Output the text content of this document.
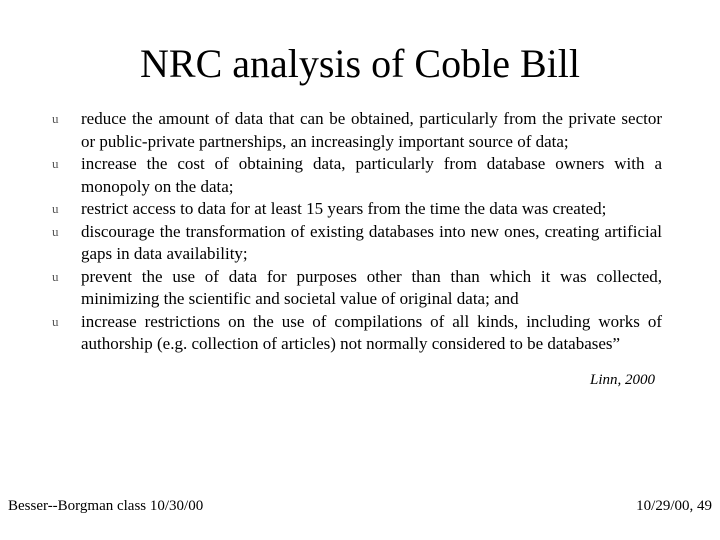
NRC analysis of Coble Bill
u	reduce the amount of data that can be obtained, particularly from the private sector or public-private partnerships, an increasingly important source of data;
u	increase the cost of obtaining data, particularly from database owners with a monopoly on the data;
u	restrict access to data for at least 15 years from the time the data was created;
u	discourage the transformation of existing databases into new ones, creating artificial gaps in data availability;
u	prevent the use of data for purposes other than than which it was collected, minimizing the scientific and societal value of original data; and
u	increase restrictions on the use of compilations of all kinds, including works of authorship (e.g. collection of articles) not normally considered to be databases”
Linn, 2000
Besser--Borgman class 10/30/00	10/29/00, 49
